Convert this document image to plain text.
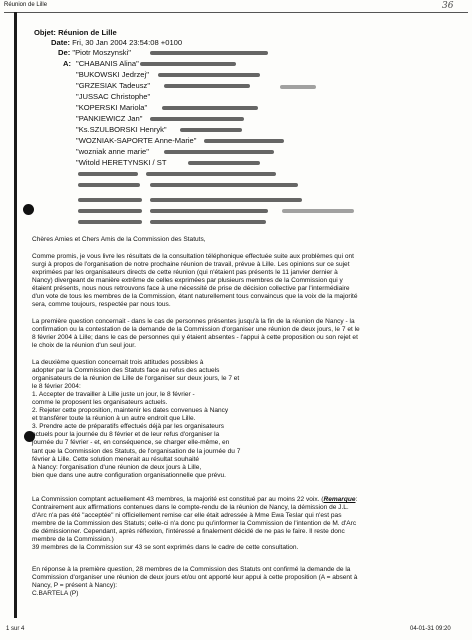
Réunion de Lille	36
Objet: Réunion de Lille
Date: Fri, 30 Jan 2004 23:54:08 +0100
De: "Piotr Moszynski"
A: "CHABANIS Alina"
"BUKOWSKI Jedrzej"
"GRZESIAK Tadeusz"
"JUSSAC Christophe"
"KOPERSKI Mariola"
"PANKIEWICZ Jan"
"Ks.SZULBORSKI Henryk"
"WOZNIAK-SAPORTE Anne-Marie"
"wozniak anne marie"
"Witold HERETYNSKI / ST
Chères Amies et Chers Amis de la Commission des Statuts,
Comme promis, je vous livre les résultats de la consultation téléphonique effectuée suite aux problèmes qui ont
surgi à propos de l'organisation de notre prochaine réunion de travail, prévue à Lille. Les opinions sur ce sujet
exprimées par les organisateurs directs de cette réunion (qui n'étaient pas présents le 11 janvier dernier à
Nancy) divergeant de manière extrême de celles exprimées par plusieurs membres de la Commission qui y
étaient présents, nous nous retrouvons face à une nécessité de prise de décision collective par l'intermédiaire
d'un vote de tous les membres de la Commission, étant naturellement tous convaincus que la voix de la majorité
sera, comme toujours, respectée par nous tous.
La première question concernait - dans le cas de personnes présentes jusqu'à la fin de la réunion de Nancy - la
confirmation ou la contestation de la demande de la Commission d'organiser une réunion de deux jours, le 7 et le
8 février 2004 à Lille; dans le cas de personnes qui y étaient absentes - l'appui à cette proposition ou son rejet et
le choix de la réunion d'un seul jour.
La deuxième question concernait trois attitudes possibles à
adopter par la Commission des Statuts face au refus des actuels
organisateurs de la réunion de Lille de l'organiser sur deux jours, le 7 et
le 8 février 2004:
1. Accepter de travailler à Lille juste un jour, le 8 février -
comme le proposent les organisateurs actuels.
2. Rejeter cette proposition, maintenir les dates convenues à Nancy
et transférer toute la réunion à un autre endroit que Lille.
3. Prendre acte de préparatifs effectués déjà par les organisateurs
actuels pour la journée du 8 février et de leur refus d'organiser la
journée du 7 février - et, en conséquence, se charger elle-même, en
tant que la Commission des Statuts, de l'organisation de la journée du 7
février à Lille. Cette solution menerait au résultat souhaité
à Nancy: l'organisation d'une réunion de deux jours à Lille,
bien que dans une autre configuration organisationnelle que prévu.
La Commission comptant actuellement 43 membres, la majorité est constitué par au moins 22 voix. (Remarque:
Contrairement aux affirmations contenues dans le compte-rendu de la réunion de Nancy, la démission de J.L.
d'Arc n'a pas été "acceptée" ni officiellement remise car elle était adressée à Mme Ewa Teslar qui n'est pas
membre de la Commission des Statuts; celle-ci n'a donc pu qu'informer la Commission de l'intention de M. d'Arc
de démissionner. Cependant, après réflexion, l'intéressé a finalement décidé de ne pas le faire. Il reste donc
membre de la Commission.)
39 membres de la Commission sur 43 se sont exprimés dans le cadre de cette consultation.
En réponse à la première question, 28 membres de la Commission des Statuts ont confirmé la demande de la
Commission d'organiser une réunion de deux jours et/ou ont apporté leur appui à cette proposition (A = absent à
Nancy, P = présent à Nancy):
C.BARTELA (P)
1 sur 4	04-01-31 09:20
